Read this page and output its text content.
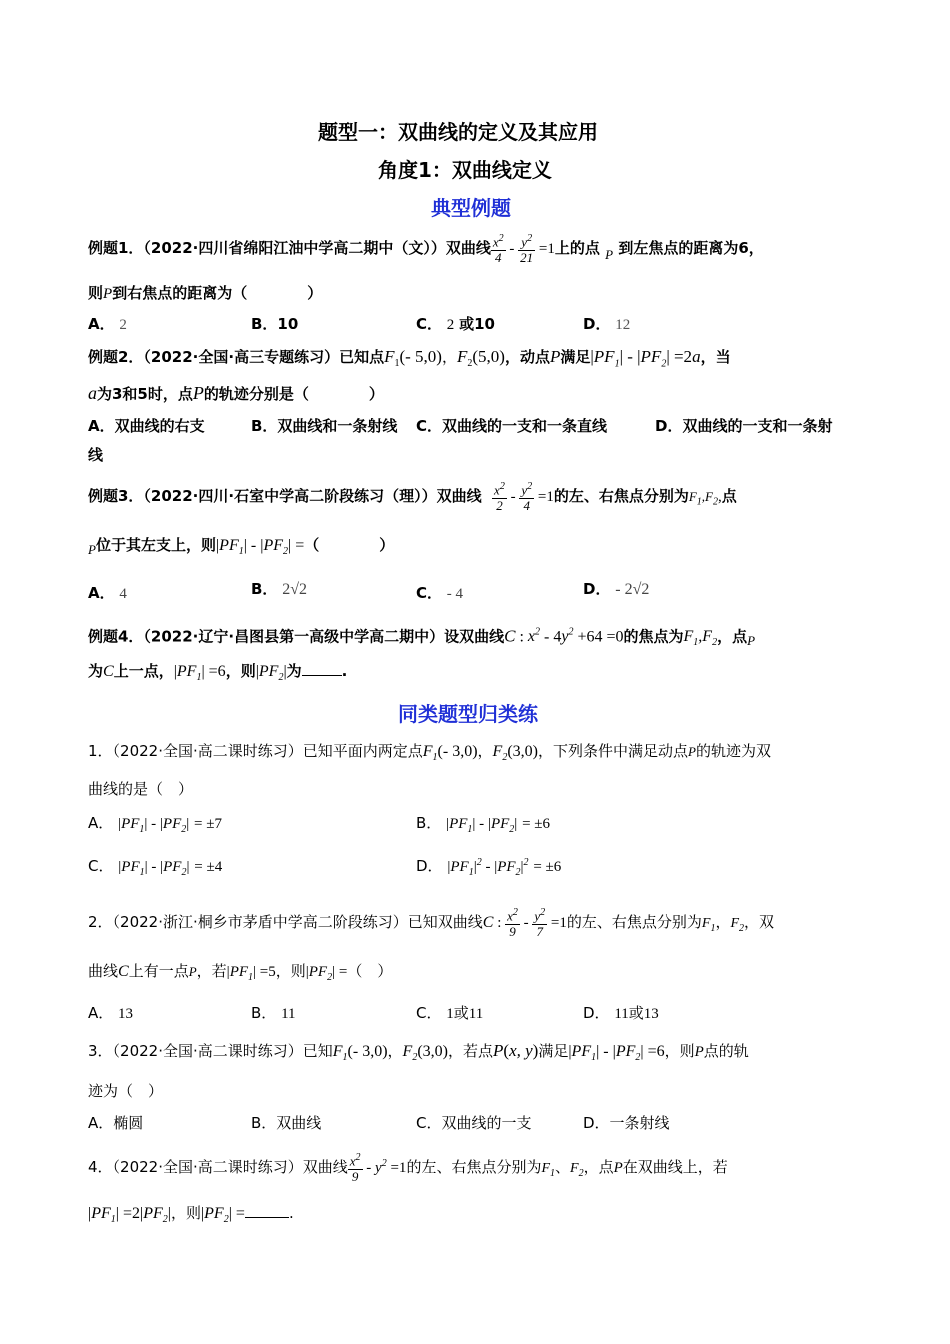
题型一：双曲线的定义及其应用
角度1：双曲线定义
典型例题
例题1．（2022·四川省绵阳江油中学高二期中（文））双曲线 $\frac{x^2}{4} - \frac{y^2}{21} =1$上的点 P 到左焦点的距离为6，
则P到右焦点的距离为（　　　　）
A． 2	B．10	C． 2 或10	D． 12
例题2．（2022·全国·高三专题练习）已知点$F_1(-$ 5,0)，$F_2(5,0)$，动点P满足$|PF_1| - |PF_2| =2a$，当
a为3和5时，点P的轨迹分别是（　　　　）
A．双曲线的右支	B．双曲线和一条射线 C．双曲线的一支和一条直线	D．双曲线的一支和一条射
线
例题3．（2022·四川·石室中学高二阶段练习（理））双曲线 $\frac{x^2}{2} - \frac{y^2}{4} =1$的左、右焦点分别为$F_1,F_2$,点
P位于其左支上，则$|PF_1| - |PF_2|$ =（　　　　）
A． 4	B． 2√2	C． - 4	D． - 2√2
例题4．（2022·辽宁·昌图县第一高级中学高二期中）设双曲线C : $x^2 - 4y^2 +64 =0$的焦点为$F_1,F_2$，点P
为C上一点，$|PF_1| =6$，则$|PF_2|$为	.
同类题型归类练
1．（2022·全国·高二课时练习）已知平面内两定点$F_1(-$ 3,0)，$F_2(3,0)$，下列条件中满足动点P的轨迹为双
曲线的是（　）
A． $|PF_1| - |PF_2| = \pm 7$	B． $|PF_1| - |PF_2| = \pm 6$
C． $|PF_1| - |PF_2| = \pm 4$	D． $|PF_1|^2 - |PF_2|^2 = \pm 6$
2．（2022·浙江·桐乡市茅盾中学高二阶段练习）已知双曲线C : $\frac{x^2}{9} - \frac{y^2}{7} =1$的左、右焦点分别为$F_1$，$F_2$，双
曲线C上有一点P，若$|PF_1| =5$，则$|PF_2|$ =（　）
A． 13	B． 11	C． 1或11	D． 11或13
3．（2022·全国·高二课时练习）已知$F_1(-$ 3,0)，$F_2(3,0)$，若点P(x, y)满足$|PF_1| - |PF_2| =6$，则P点的轨
迹为（　）
A．椭圆	B．双曲线	C．双曲线的一支	D．一条射线
4．（2022·全国·高二课时练习）双曲线 $\frac{x^2}{9} - y^2 =1$的左、右焦点分别为$F_1$、$F_2$，点P在双曲线上，若
$|PF_1| =2|PF_2|$，则$|PF_2|$ =	.
